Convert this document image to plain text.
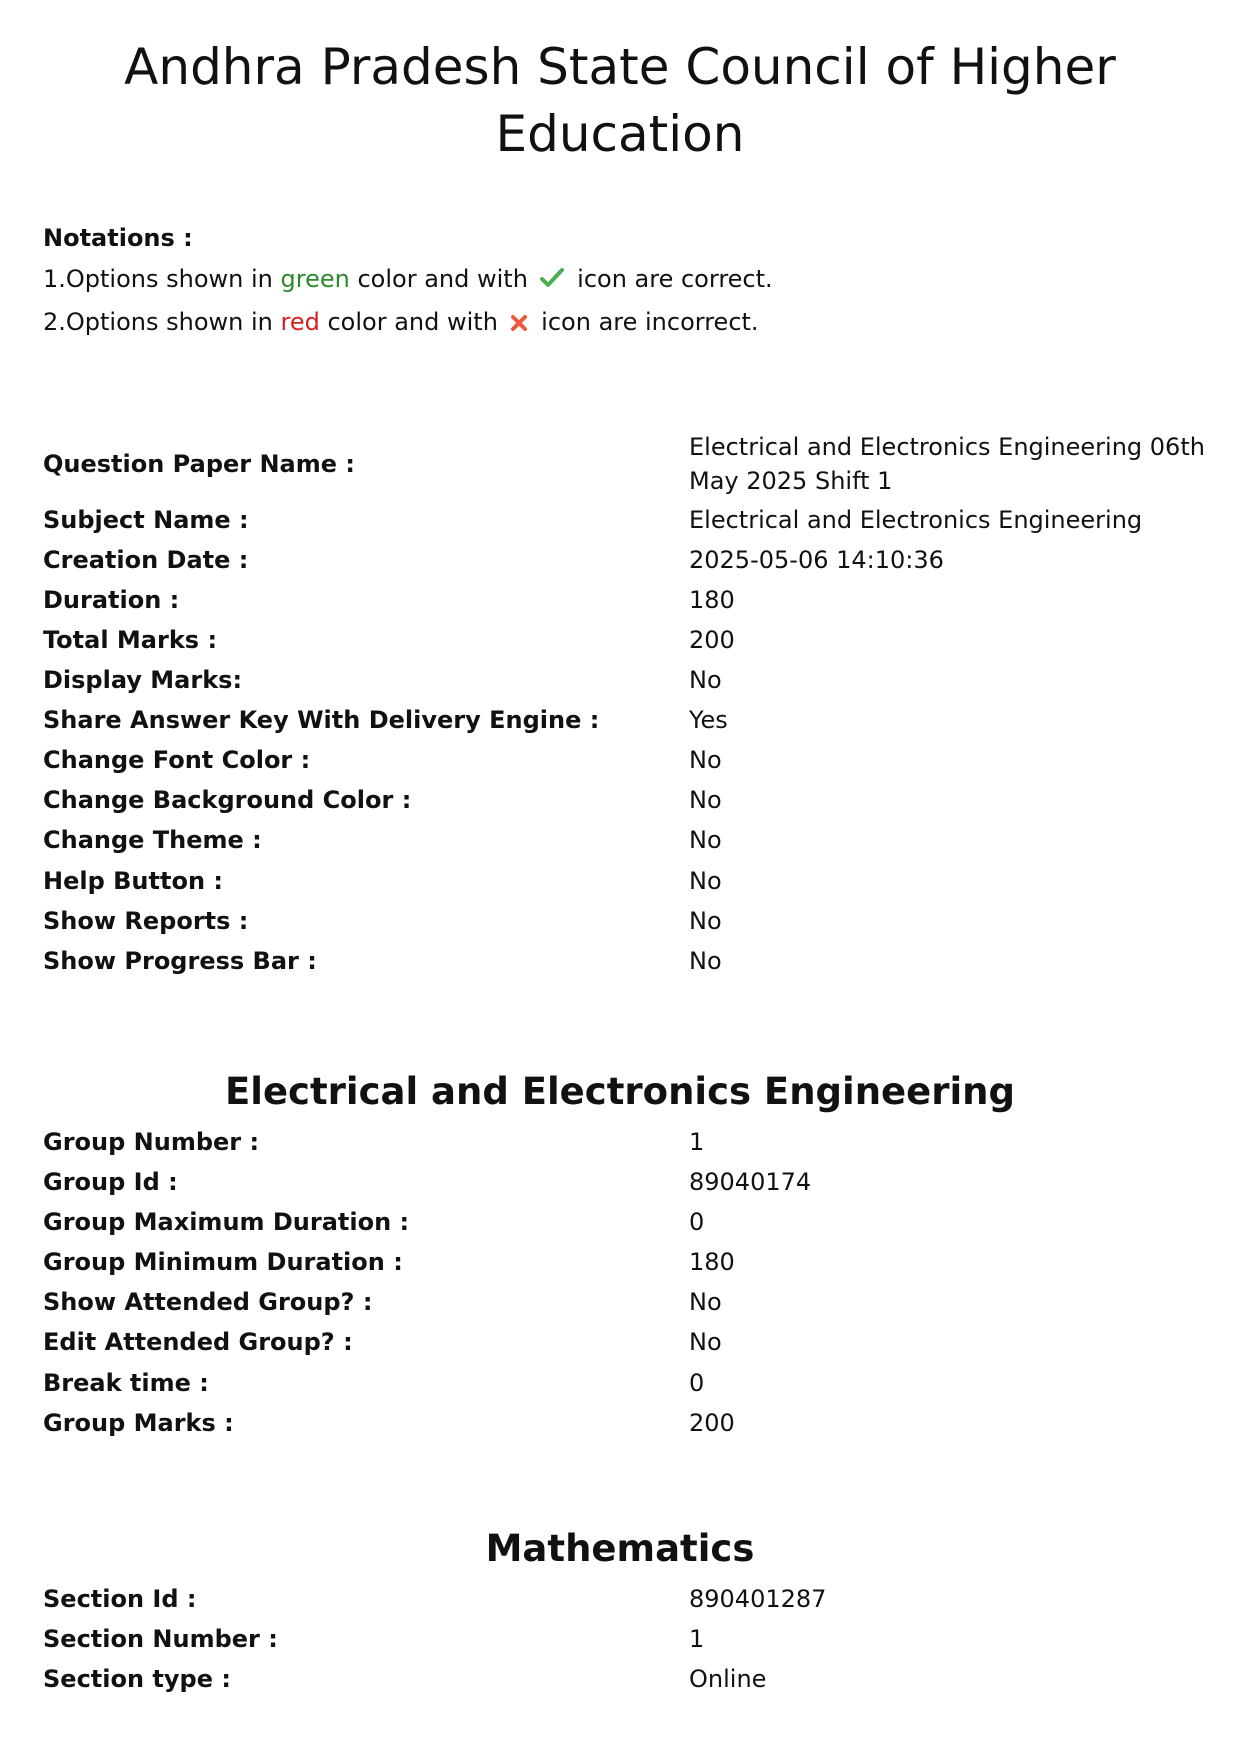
Andhra Pradesh State Council of Higher Education
Notations :
1.Options shown in green color and with  icon are correct.
2.Options shown in red color and with  icon are incorrect.
Question Paper Name :
Electrical and Electronics Engineering 06th May 2025 Shift 1
Subject Name :	Electrical and Electronics Engineering
Creation Date :	2025-05-06 14:10:36
Duration :	180
Total Marks :	200
Display Marks:	No
Share Answer Key With Delivery Engine :	Yes
Change Font Color :	No
Change Background Color :	No
Change Theme :	No
Help Button :	No
Show Reports :	No
Show Progress Bar :	No
Electrical and Electronics Engineering
Group Number :	1
Group Id :	89040174
Group Maximum Duration :	0
Group Minimum Duration :	180
Show Attended Group? :	No
Edit Attended Group? :	No
Break time :	0
Group Marks :	200
Mathematics
Section Id :	890401287
Section Number :	1
Section type :	Online
